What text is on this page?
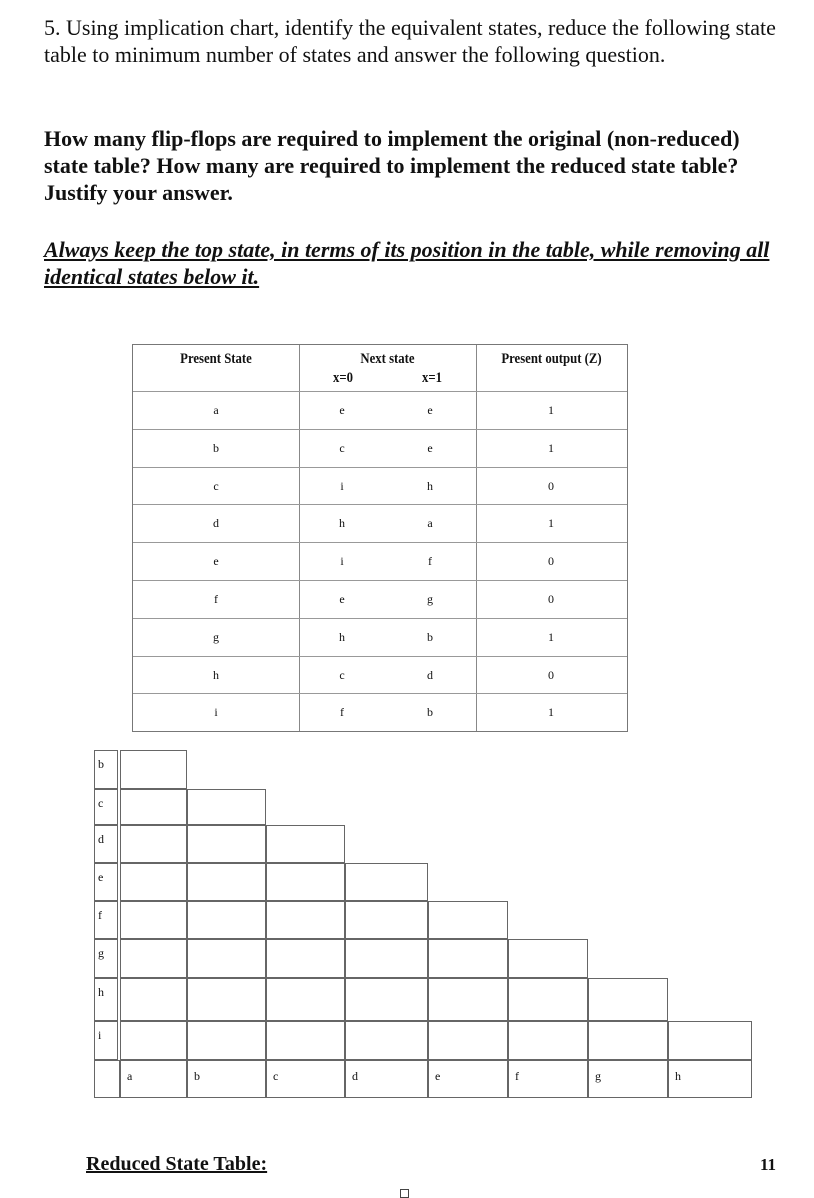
5. Using implication chart, identify the equivalent states, reduce the following state table to minimum number of states and answer the following question.
How many flip-flops are required to implement the original (non-reduced) state table? How many are required to implement the reduced state table? Justify your answer.
Always keep the top state, in terms of its position in the table, while removing all identical states below it.
Present State	Next state
x=0	x=1
Present output (Z)
a	e	e	1
b	c	e	1
c	i	h	0
d	h	a	1
e	i	f	0
f	e	g	0
g	h	b	1
h	c	d	0
i	f	b	1
b
c
d
e
f
g
h
i
a	b	c	d	e	f	g	h
Reduced State Table:	11
